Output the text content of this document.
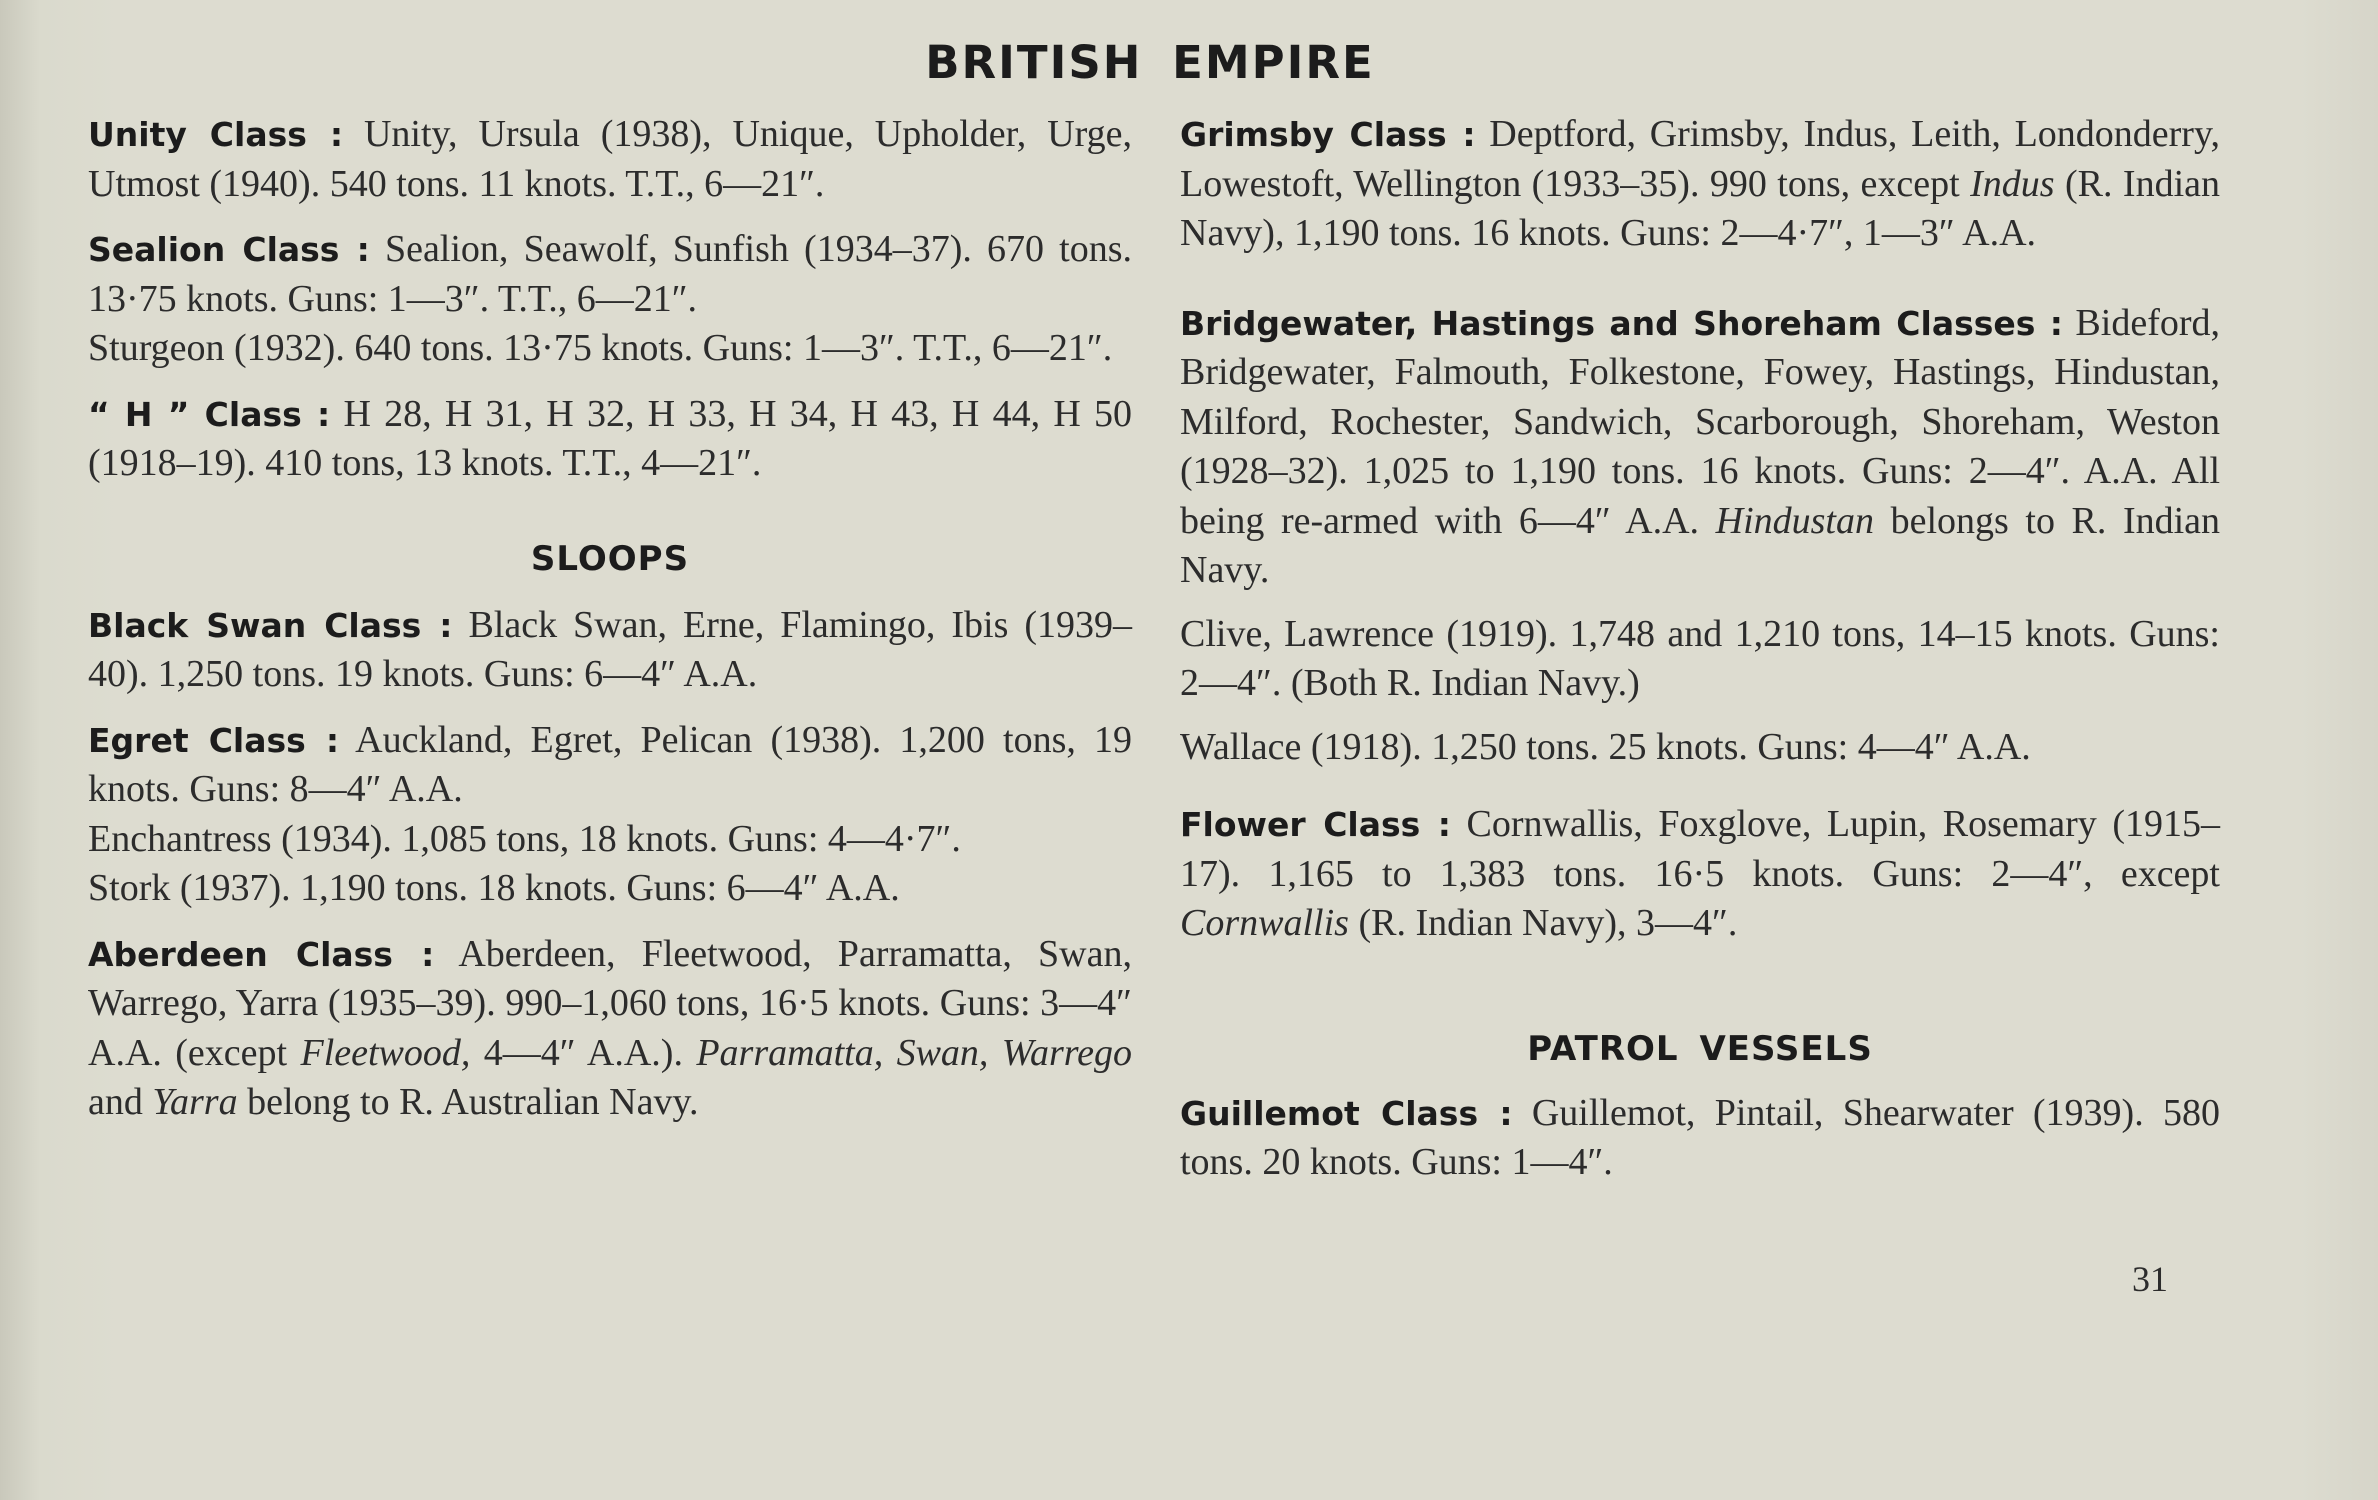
BRITISH EMPIRE

Unity Class : Unity, Ursula (1938), Unique, Upholder, Urge, Utmost (1940). 540 tons. 11 knots. T.T., 6—21″.

Sealion Class : Sealion, Seawolf, Sunfish (1934–37). 670 tons. 13·75 knots. Guns: 1—3″. T.T., 6—21″.

Sturgeon (1932). 640 tons. 13·75 knots. Guns: 1—3″. T.T., 6—21″.

“ H ” Class : H 28, H 31, H 32, H 33, H 34, H 43, H 44, H 50 (1918–19). 410 tons, 13 knots. T.T., 4—21″.

SLOOPS

Black Swan Class : Black Swan, Erne, Flamingo, Ibis (1939–40). 1,250 tons. 19 knots. Guns: 6—4″ A.A.

Egret Class : Auckland, Egret, Pelican (1938). 1,200 tons, 19 knots. Guns: 8—4″ A.A.

Enchantress (1934). 1,085 tons, 18 knots. Guns: 4—4·7″.

Stork (1937). 1,190 tons. 18 knots. Guns: 6—4″ A.A.

Aberdeen Class : Aberdeen, Fleetwood, Parramatta, Swan, Warrego, Yarra (1935–39). 990–1,060 tons, 16·5 knots. Guns: 3—4″ A.A. (except Fleetwood, 4—4″ A.A.). Parramatta, Swan, Warrego and Yarra belong to R. Australian Navy.

Grimsby Class : Deptford, Grimsby, Indus, Leith, Londonderry, Lowestoft, Wellington (1933–35). 990 tons, except Indus (R. Indian Navy), 1,190 tons. 16 knots. Guns: 2—4·7″, 1—3″ A.A.

Bridgewater, Hastings and Shoreham Classes : Bideford, Bridgewater, Falmouth, Folkestone, Fowey, Hastings, Hindustan, Milford, Rochester, Sandwich, Scarborough, Shoreham, Weston (1928–32). 1,025 to 1,190 tons. 16 knots. Guns: 2—4″. A.A. All being re-armed with 6—4″ A.A. Hindustan belongs to R. Indian Navy.

Clive, Lawrence (1919). 1,748 and 1,210 tons, 14–15 knots. Guns: 2—4″. (Both R. Indian Navy.)

Wallace (1918). 1,250 tons. 25 knots. Guns: 4—4″ A.A.

Flower Class : Cornwallis, Foxglove, Lupin, Rosemary (1915–17). 1,165 to 1,383 tons. 16·5 knots. Guns: 2—4″, except Cornwallis (R. Indian Navy), 3—4″.

PATROL VESSELS

Guillemot Class : Guillemot, Pintail, Shearwater (1939). 580 tons. 20 knots. Guns: 1—4″.

31
